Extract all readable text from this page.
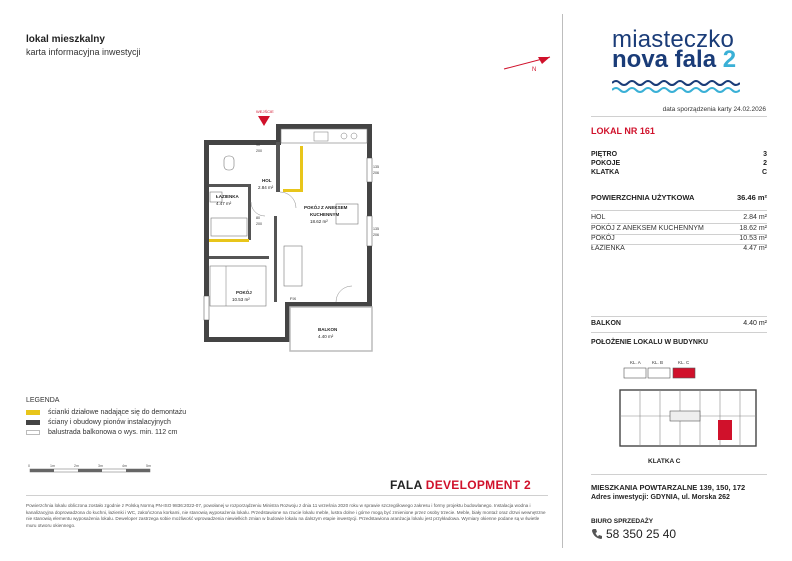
lokal mieszkalny
karta informacyjna inwestycji
N
miasteczko
nova fala 2
data sporządzenia karty 24.02.2026
LOKAL NR 161
PIĘTRO	3
POKOJE	2
KLATKA	C
POWIERZCHNIA UŻYTKOWA	36.46 m²
HOL	2.84 m²
POKÓJ Z ANEKSEM KUCHENNYM	18.62 m²
POKÓJ	10.53 m²
ŁAZIENKA	4.47 m²
BALKON	4.40 m²
POŁOŻENIE LOKALU W BUDYNKU
KL. A KL. B	KL. C
KLATKA C
MIESZKANIA POWTARZALNE 139, 150, 172
Adres inwestycji: GDYNIA, ul. Morska 262
BIURO SPRZEDAŻY
58 350 25 40
WEJŚCIE
HOL
2.84 m²
ŁAZIENKA
4.47 m²
POKÓJ Z ANEKSEM
KUCHENNYM
18.62 m²
POKÓJ
10.53 m²
BALKON
4.40 m²
FIX
90
200
80
200
135
206
135
206
LEGENDA
ścianki działowe nadające się do demontażu
ściany i obudowy pionów instalacyjnych
balustrada balkonowa o wys. min. 112 cm
0	1m	2m	3m	4m	5m
FALA DEVELOPMENT 2
Powierzchnia lokalu obliczona zostało zgodnie z Polską Normą PN-ISO 9836:2022-07, powołanej w rozporządzeniu Ministra Rozwoju z dnia 11 września 2020 roku w sprawie szczegółowego zakresu i formy projektu budowlanego. Instalacja wodna i kanalizacyjna doprowadzona do kuchni, łazienki i WC, zakończona korkami, nie stanowią wyposażenia lokalu. Przedstawione na rzucie lokalu meble, lustra dolne i górne mogą być zmienione przez osoby trzecie. Meble, biały montaż oraz drzwi wewnętrzne nie stanowią elementu wyposażenia lokalu. Deweloper zastrzega sobie możliwość wprowadzenia niewielkich zmian w budowie lokalu na dalszym etapie inwestycji. Przedstawiona aranżacja lokalu jest przykładowa. Wymiary okienne podane są w świetle muru otworu okiennego.
